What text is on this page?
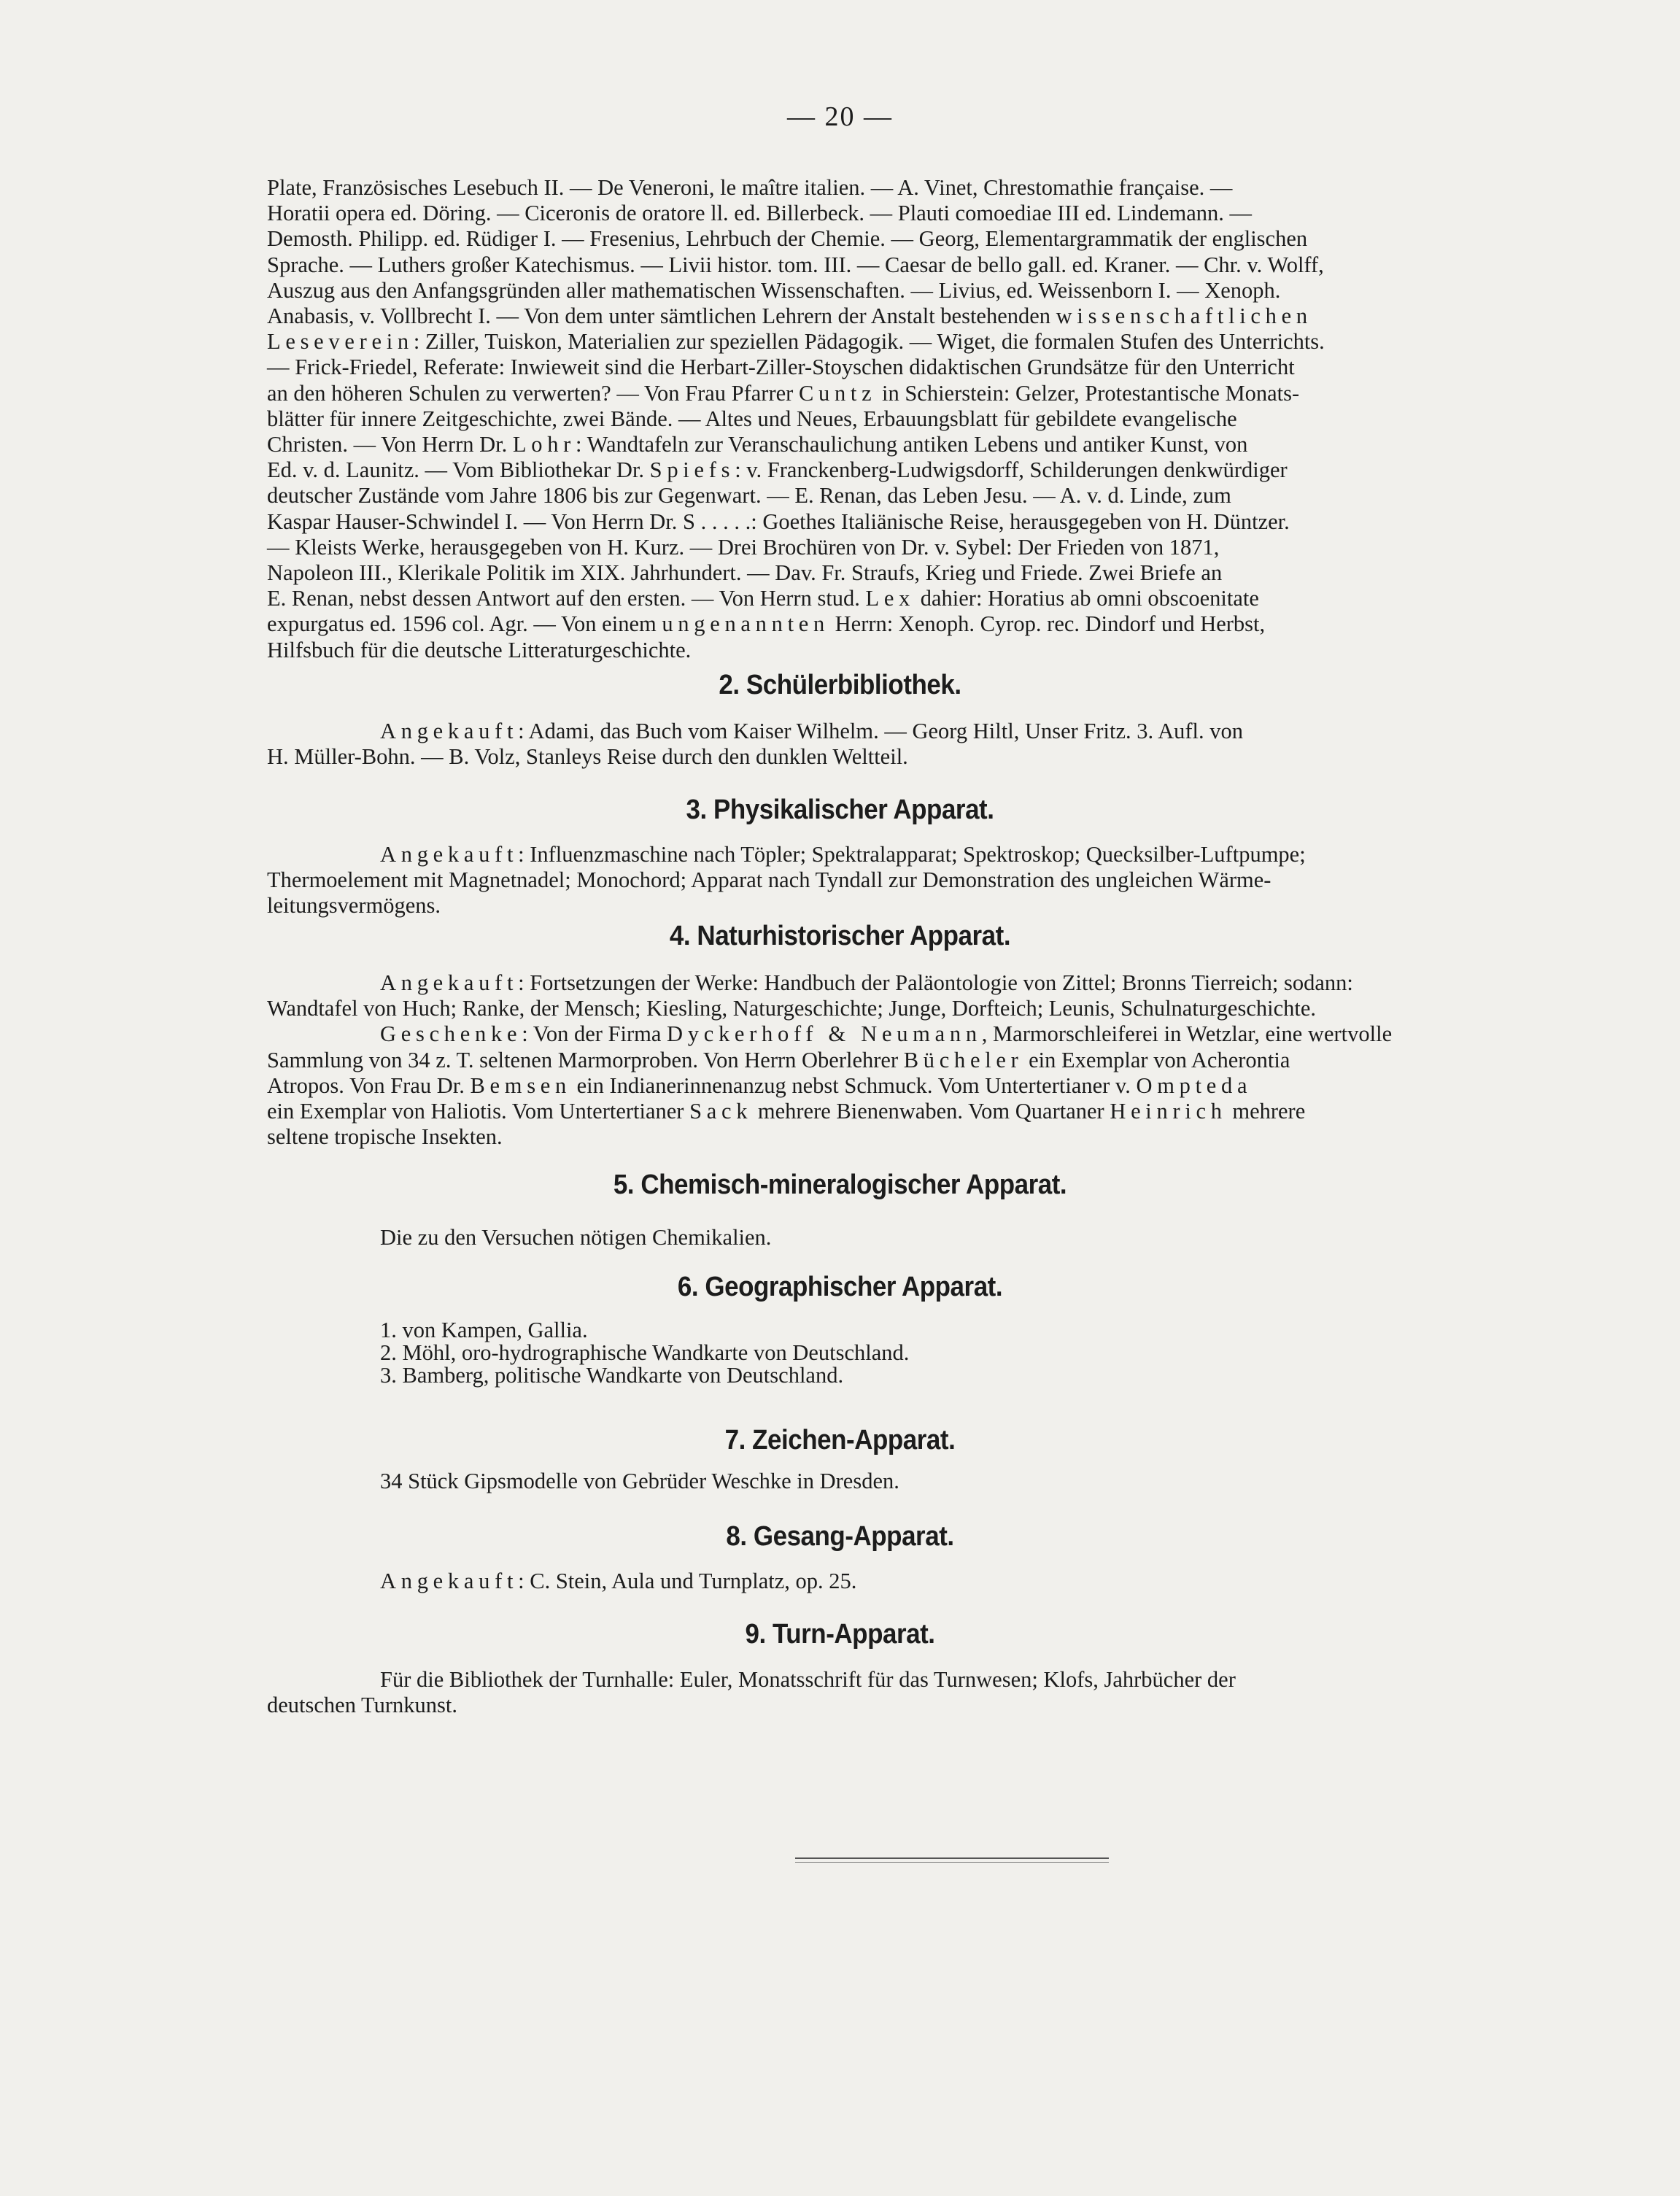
— 20 —

Plate, Französisches Lesebuch II. — De Veneroni, le maître italien. — A. Vinet, Chrestomathie française. —

Horatii opera ed. Döring. — Ciceronis de oratore ll. ed. Billerbeck. — Plauti comoediae III ed. Lindemann. —

Demosth. Philipp. ed. Rüdiger I. — Fresenius, Lehrbuch der Chemie. — Georg, Elementargrammatik der englischen

Sprache. — Luthers großer Katechismus. — Livii histor. tom. III. — Caesar de bello gall. ed. Kraner. — Chr. v. Wolff,

Auszug aus den Anfangsgründen aller mathematischen Wissenschaften. — Livius, ed. Weissenborn I. — Xenoph.

Anabasis, v. Vollbrecht I. — Von dem unter sämtlichen Lehrern der Anstalt bestehenden wissenschaftlichen

Leseverein: Ziller, Tuiskon, Materialien zur speziellen Pädagogik. — Wiget, die formalen Stufen des Unterrichts.

— Frick-Friedel, Referate: Inwieweit sind die Herbart-Ziller-Stoyschen didaktischen Grundsätze für den Unterricht

an den höheren Schulen zu verwerten? — Von Frau Pfarrer Cuntz in Schierstein: Gelzer, Protestantische Monats-

blätter für innere Zeitgeschichte, zwei Bände. — Altes und Neues, Erbauungsblatt für gebildete evangelische

Christen. — Von Herrn Dr. Lohr: Wandtafeln zur Veranschaulichung antiken Lebens und antiker Kunst, von

Ed. v. d. Launitz. — Vom Bibliothekar Dr. Spiefs: v. Franckenberg-Ludwigsdorff, Schilderungen denkwürdiger

deutscher Zustände vom Jahre 1806 bis zur Gegenwart. — E. Renan, das Leben Jesu. — A. v. d. Linde, zum

Kaspar Hauser-Schwindel I. — Von Herrn Dr. S . . . . .: Goethes Italiänische Reise, herausgegeben von H. Düntzer.

— Kleists Werke, herausgegeben von H. Kurz. — Drei Brochüren von Dr. v. Sybel: Der Frieden von 1871,

Napoleon III., Klerikale Politik im XIX. Jahrhundert. — Dav. Fr. Straufs, Krieg und Friede. Zwei Briefe an

E. Renan, nebst dessen Antwort auf den ersten. — Von Herrn stud. Lex dahier: Horatius ab omni obscoenitate

expurgatus ed. 1596 col. Agr. — Von einem ungenannten Herrn: Xenoph. Cyrop. rec. Dindorf und Herbst,

Hilfsbuch für die deutsche Litteraturgeschichte.

2. Schülerbibliothek.

Angekauft: Adami, das Buch vom Kaiser Wilhelm. — Georg Hiltl, Unser Fritz. 3. Aufl. von

H. Müller-Bohn. — B. Volz, Stanleys Reise durch den dunklen Weltteil.

3. Physikalischer Apparat.

Angekauft: Influenzmaschine nach Töpler; Spektralapparat; Spektroskop; Quecksilber-Luftpumpe;

Thermoelement mit Magnetnadel; Monochord; Apparat nach Tyndall zur Demonstration des ungleichen Wärme-

leitungsvermögens.

4. Naturhistorischer Apparat.

Angekauft: Fortsetzungen der Werke: Handbuch der Paläontologie von Zittel; Bronns Tierreich; sodann:

Wandtafel von Huch; Ranke, der Mensch; Kiesling, Naturgeschichte; Junge, Dorfteich; Leunis, Schulnaturgeschichte.

Geschenke: Von der Firma Dyckerhoff & Neumann, Marmorschleiferei in Wetzlar, eine wertvolle

Sammlung von 34 z. T. seltenen Marmorproben. Von Herrn Oberlehrer Bücheler ein Exemplar von Acherontia

Atropos. Von Frau Dr. Bemsen ein Indianerinnenanzug nebst Schmuck. Vom Untertertianer v. Ompteda

ein Exemplar von Haliotis. Vom Untertertianer Sack mehrere Bienenwaben. Vom Quartaner Heinrich mehrere

seltene tropische Insekten.

5. Chemisch-mineralogischer Apparat.

Die zu den Versuchen nötigen Chemikalien.

6. Geographischer Apparat.
1. von Kampen, Gallia.
2. Möhl, oro-hydrographische Wandkarte von Deutschland.
3. Bamberg, politische Wandkarte von Deutschland.
7. Zeichen-Apparat.

34 Stück Gipsmodelle von Gebrüder Weschke in Dresden.

8. Gesang-Apparat.

Angekauft: C. Stein, Aula und Turnplatz, op. 25.

9. Turn-Apparat.

Für die Bibliothek der Turnhalle: Euler, Monatsschrift für das Turnwesen; Klofs, Jahrbücher der

deutschen Turnkunst.
